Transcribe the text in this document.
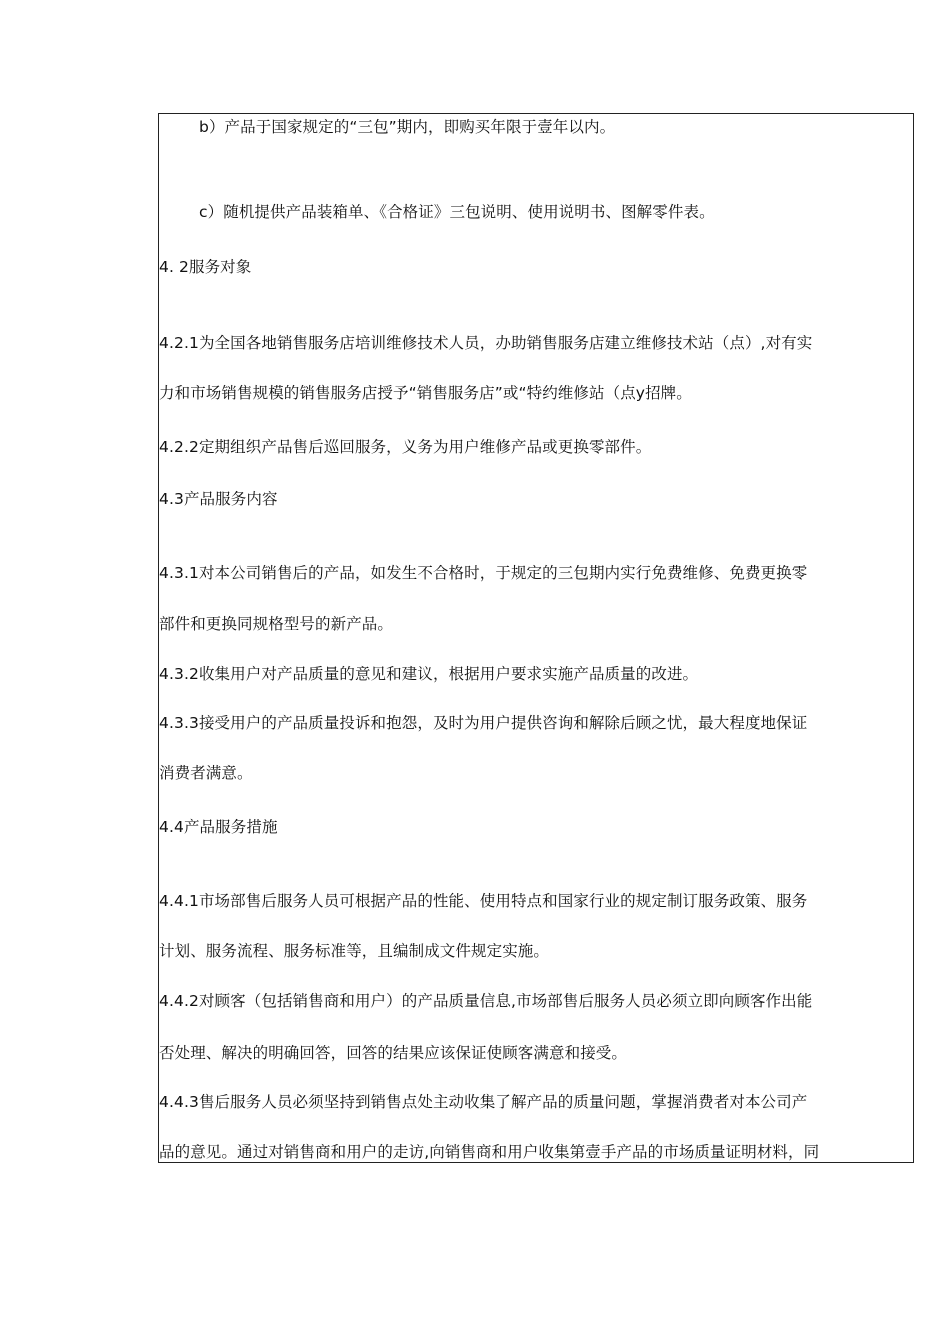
b）产品于国家规定的“三包”期内，即购买年限于壹年以内。
c）随机提供产品装箱单、《合格证》三包说明、使用说明书、图解零件表。
4. 2服务对象
4.2.1为全国各地销售服务店培训维修技术人员，办助销售服务店建立维修技术站（点）,对有实
力和市场销售规模的销售服务店授予“销售服务店”或“特约维修站（点y招牌。
4.2.2定期组织产品售后巡回服务，义务为用户维修产品或更换零部件。
4.3产品服务内容
4.3.1对本公司销售后的产品，如发生不合格时，于规定的三包期内实行免费维修、免费更换零
部件和更换同规格型号的新产品。
4.3.2收集用户对产品质量的意见和建议，根据用户要求实施产品质量的改进。
4.3.3接受用户的产品质量投诉和抱怨，及时为用户提供咨询和解除后顾之忧，最大程度地保证
消费者满意。
4.4产品服务措施
4.4.1市场部售后服务人员可根据产品的性能、使用特点和国家行业的规定制订服务政策、服务
计划、服务流程、服务标准等，且编制成文件规定实施。
4.4.2对顾客（包括销售商和用户）的产品质量信息,市场部售后服务人员必须立即向顾客作出能
否处理、解决的明确回答，回答的结果应该保证使顾客满意和接受。
4.4.3售后服务人员必须坚持到销售点处主动收集了解产品的质量问题，掌握消费者对本公司产
品的意见。通过对销售商和用户的走访,向销售商和用户收集第壹手产品的市场质量证明材料，同
